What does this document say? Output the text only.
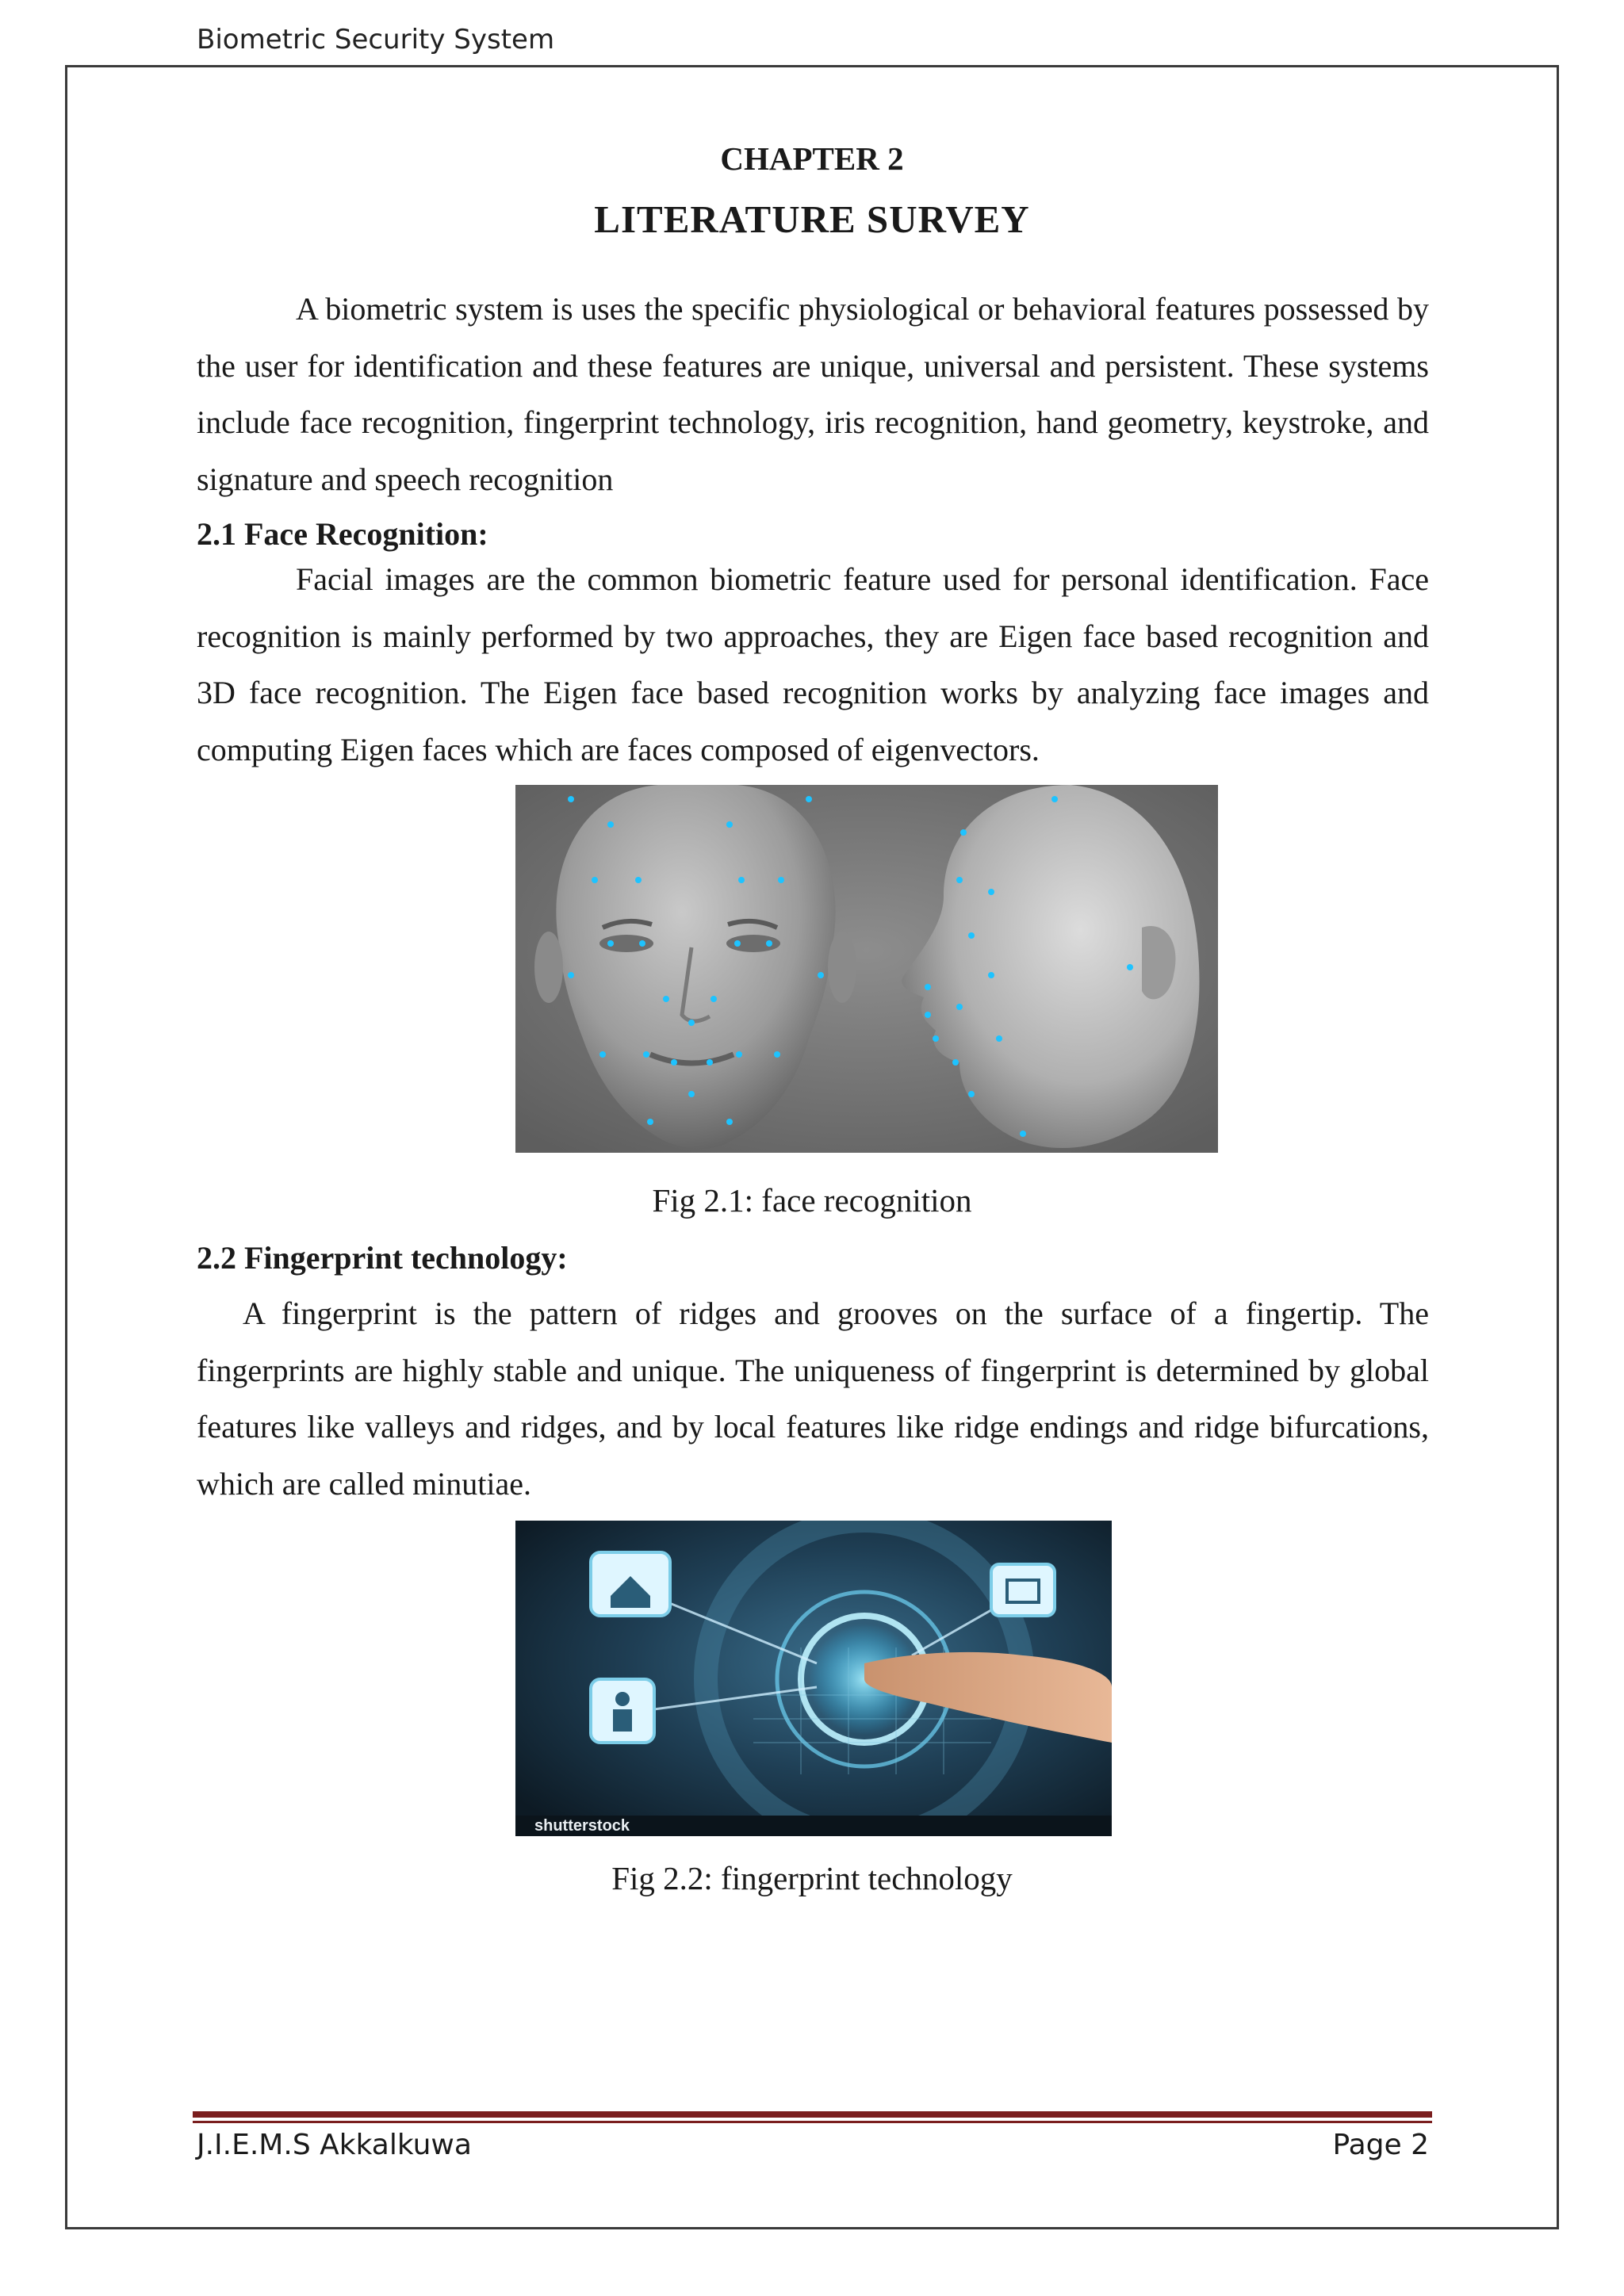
Biometric Security System
CHAPTER 2
LITERATURE SURVEY

A biometric system is uses the specific physiological or behavioral features possessed by the user for identification and these features are unique, universal and persistent. These systems include face recognition, fingerprint technology, iris recognition, hand geometry, keystroke, and signature and speech recognition

2.1 Face Recognition:

Facial images are the common biometric feature used for personal identification. Face recognition is mainly performed by two approaches, they are Eigen face based recognition and 3D face recognition. The Eigen face based recognition works by analyzing face images and computing Eigen faces which are faces composed of eigenvectors.

Fig 2.1: face recognition

2.2 Fingerprint technology:

A fingerprint is the pattern of ridges and grooves on the surface of a fingertip. The fingerprints are highly stable and unique. The uniqueness of fingerprint is determined by global features like valleys and ridges, and by local features like ridge endings and ridge bifurcations, which are called minutiae.

shutterstock
Fig 2.2: fingerprint technology
J.I.E.M.S Akkalkuwa	Page 2
